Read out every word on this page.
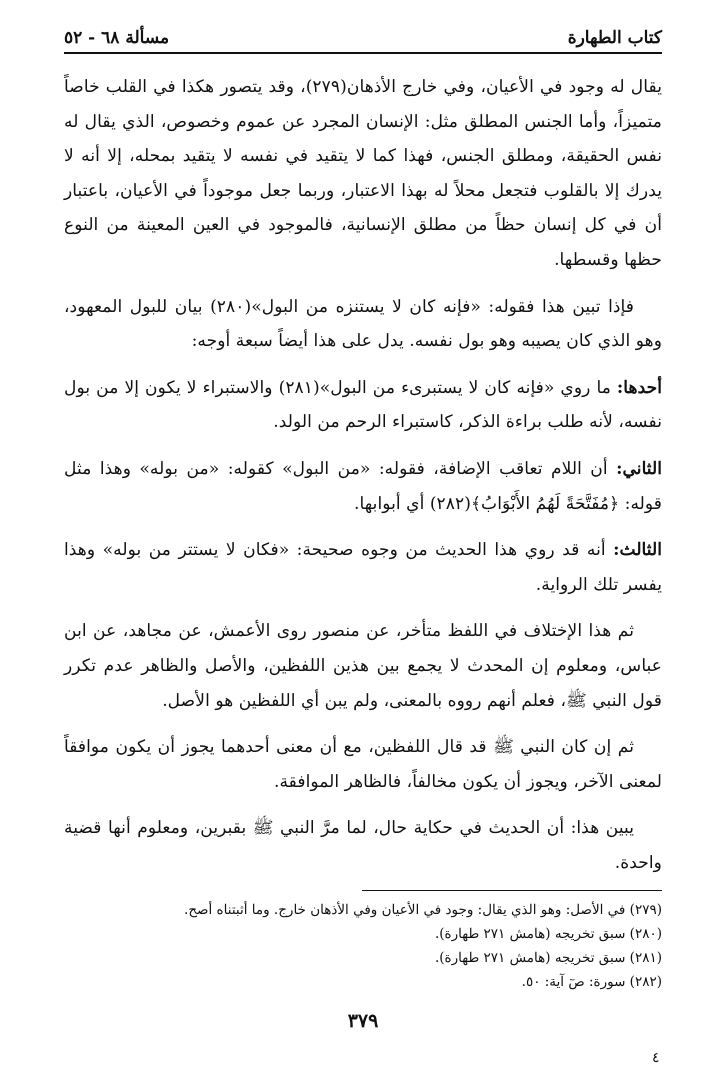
كتاب الطهارة
مسألة ٦٨ - ٥٢

يقال له وجود في الأعيان، وفي خارج الأذهان(٢٧٩)، وقد يتصور هكذا في القلب خاصاً متميزاً، وأما الجنس المطلق مثل: الإنسان المجرد عن عموم وخصوص، الذي يقال له نفس الحقيقة، ومطلق الجنس، فهذا كما لا يتقيد في نفسه لا يتقيد بمحله، إلا أنه لا يدرك إلا بالقلوب فتجعل محلاً له بهذا الاعتبار، وربما جعل موجوداً في الأعيان، باعتبار أن في كل إنسان حظاً من مطلق الإنسانية، فالموجود في العين المعينة من النوع حظها وقسطها.

فإذا تبين هذا فقوله: «فإنه كان لا يستنزه من البول»(٢٨٠) بيان للبول المعهود، وهو الذي كان يصيبه وهو بول نفسه. يدل على هذا أيضاً سبعة أوجه:

أحدها: ما روي «فإنه كان لا يستبرىء من البول»(٢٨١) والاستبراء لا يكون إلا من بول نفسه، لأنه طلب براءة الذكر، كاستبراء الرحم من الولد.

الثاني: أن اللام تعاقب الإضافة، فقوله: «من البول» كقوله: «من بوله» وهذا مثل قوله: ﴿مُفَتَّحَةً لَهُمُ الأَبْوَابُ﴾(٢٨٢) أي أبوابها.

الثالث: أنه قد روي هذا الحديث من وجوه صحيحة: «فكان لا يستتر من بوله» وهذا يفسر تلك الرواية.

ثم هذا الإختلاف في اللفظ متأخر، عن منصور روى الأعمش، عن مجاهد، عن ابن عباس، ومعلوم إن المحدث لا يجمع بين هذين اللفظين، والأصل والظاهر عدم تكرر قول النبي ﷺ، فعلم أنهم رووه بالمعنى، ولم يبن أي اللفظين هو الأصل.

ثم إن كان النبي ﷺ قد قال اللفظين، مع أن معنى أحدهما يجوز أن يكون موافقاً لمعنى الآخر، ويجوز أن يكون مخالفاً، فالظاهر الموافقة.

يبين هذا: أن الحديث في حكاية حال، لما مرَّ النبي ﷺ بقبرين، ومعلوم أنها قضية واحدة.

(٢٧٩) في الأصل: وهو الذي يقال: وجود في الأعيان وفي الأذهان خارج. وما أثبتناه أصح.
(٢٨٠) سبق تخريجه (هامش ٢٧١ طهارة).
(٢٨١) سبق تخريجه (هامش ٢٧١ طهارة).
(٢٨٢) سورة: صٓ آية: ٥٠.
٣٧٩
٤
